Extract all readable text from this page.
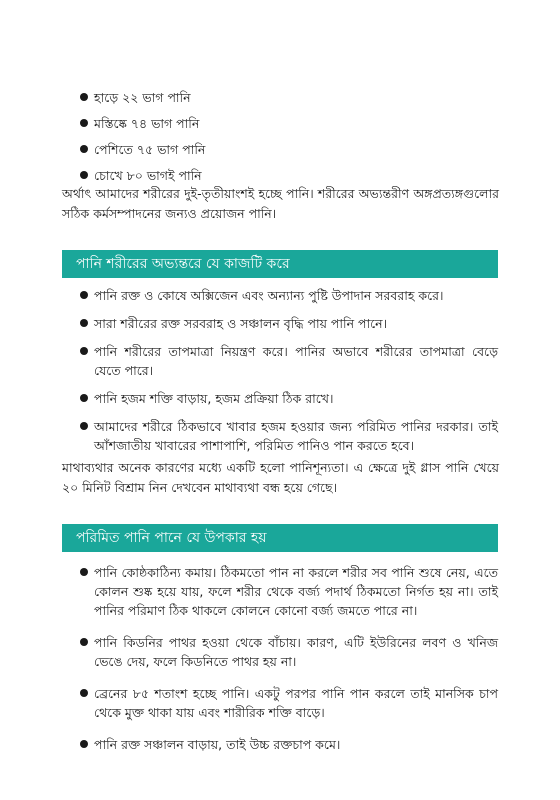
হাড়ে ২২ ভাগ পানি
মস্তিষ্কে ৭৪ ভাগ পানি
পেশিতে ৭৫ ভাগ পানি
চোখে ৮০ ভাগই পানি

অর্থাৎ আমাদের শরীরের দুই-তৃতীয়াংশই হচ্ছে পানি। শরীরের অভ্যন্তরীণ অঙ্গপ্রত্যঙ্গগুলোর সঠিক কর্মসম্পাদনের জন্যও প্রয়োজন পানি।

পানি শরীরের অভ্যন্তরে যে কাজটি করে
পানি রক্ত ও কোষে অক্সিজেন এবং অন্যান্য পুষ্টি উপাদান সরবরাহ করে।
সারা শরীরের রক্ত সরবরাহ ও সঞ্চালন বৃদ্ধি পায় পানি পানে।
পানি শরীরের তাপমাত্রা নিয়ন্ত্রণ করে। পানির অভাবে শরীরের তাপমাত্রা বেড়ে যেতে পারে।
পানি হজম শক্তি বাড়ায়, হজম প্রক্রিয়া ঠিক রাখে।
আমাদের শরীরে ঠিকভাবে খাবার হজম হওয়ার জন্য পরিমিত পানির দরকার। তাই আঁশজাতীয় খাবারের পাশাপাশি, পরিমিত পানিও পান করতে হবে।

মাথাব্যথার অনেক কারণের মধ্যে একটি হলো পানিশূন্যতা। এ ক্ষেত্রে দুই গ্লাস পানি খেয়ে ২০ মিনিট বিশ্রাম নিন দেখবেন মাথাব্যথা বন্ধ হয়ে গেছে।

পরিমিত পানি পানে যে উপকার হয়
পানি কোষ্ঠকাঠিন্য কমায়। ঠিকমতো পান না করলে শরীর সব পানি শুষে নেয়, এতে কোলন শুষ্ক হয়ে যায়, ফলে শরীর থেকে বর্জ্য পদার্থ ঠিকমতো নির্গত হয় না। তাই পানির পরিমাণ ঠিক থাকলে কোলনে কোনো বর্জ্য জমতে পারে না।
পানি কিডনির পাথর হওয়া থেকে বাঁচায়। কারণ, এটি ইউরিনের লবণ ও খনিজ ভেঙে দেয়, ফলে কিডনিতে পাথর হয় না।
ব্রেনের ৮৫ শতাংশ হচ্ছে পানি। একটু পরপর পানি পান করলে তাই মানসিক চাপ থেকে মুক্ত থাকা যায় এবং শারীরিক শক্তি বাড়ে।
পানি রক্ত সঞ্চালন বাড়ায়, তাই উচ্চ রক্তচাপ কমে।
